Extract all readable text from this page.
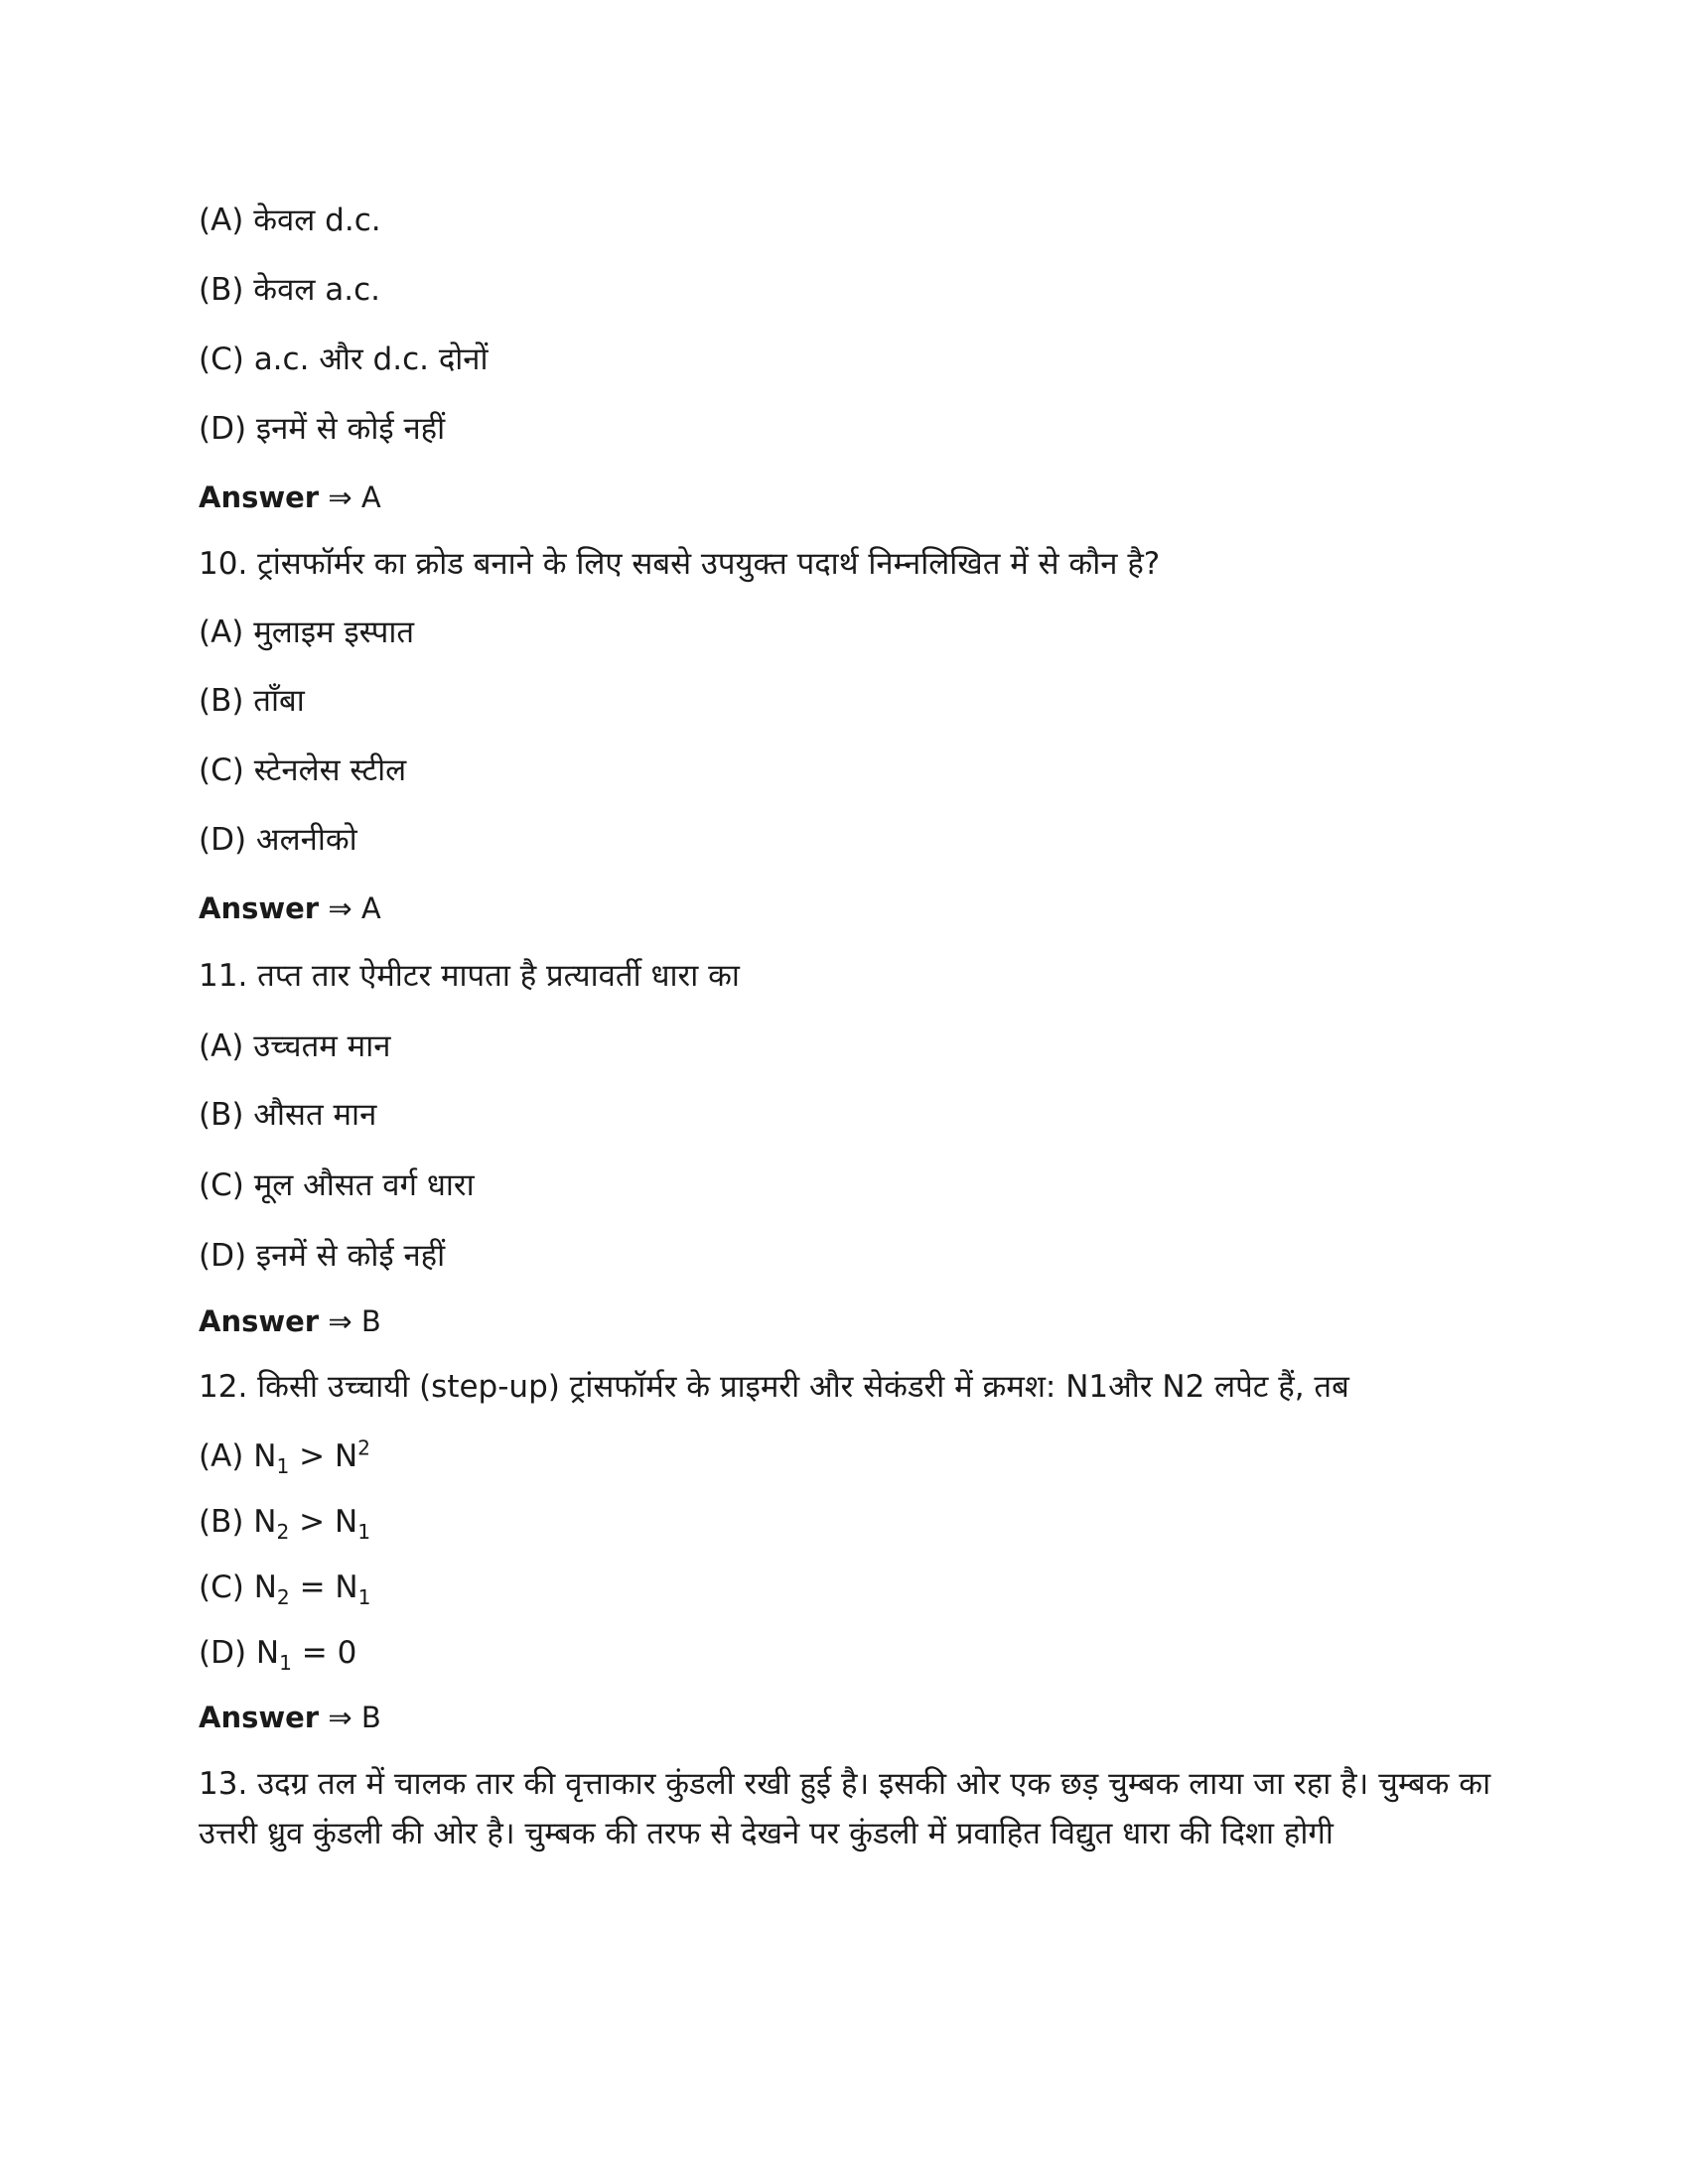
(A) केवल d.c.
(B) केवल a.c.
(C) a.c. और d.c. दोनों
(D) इनमें से कोई नहीं
Answer ⇒ A
10. ट्रांसफॉर्मर का क्रोड बनाने के लिए सबसे उपयुक्त पदार्थ निम्नलिखित में से कौन है?
(A) मुलाइम इस्पात
(B) ताँबा
(C) स्टेनलेस स्टील
(D) अलनीको
Answer ⇒ A
11. तप्त तार ऐमीटर मापता है प्रत्यावर्ती धारा का
(A) उच्चतम मान
(B) औसत मान
(C) मूल औसत वर्ग धारा
(D) इनमें से कोई नहीं
Answer ⇒ B
12. किसी उच्चायी (step-up) ट्रांसफॉर्मर के प्राइमरी और सेकंडरी में क्रमश: N1और N2 लपेट हैं, तब
(A) $N_1 > N^2$
(B) $N_2 > N_1$
(C) $N_2 = N_1$
(D) $N_1 = 0$
Answer ⇒ B
13. उदग्र तल में चालक तार की वृत्ताकार कुंडली रखी हुई है। इसकी ओर एक छड़ चुम्बक लाया जा रहा है। चुम्बक का उत्तरी ध्रुव कुंडली की ओर है। चुम्बक की तरफ से देखने पर कुंडली में प्रवाहित विद्युत धारा की दिशा होगी
